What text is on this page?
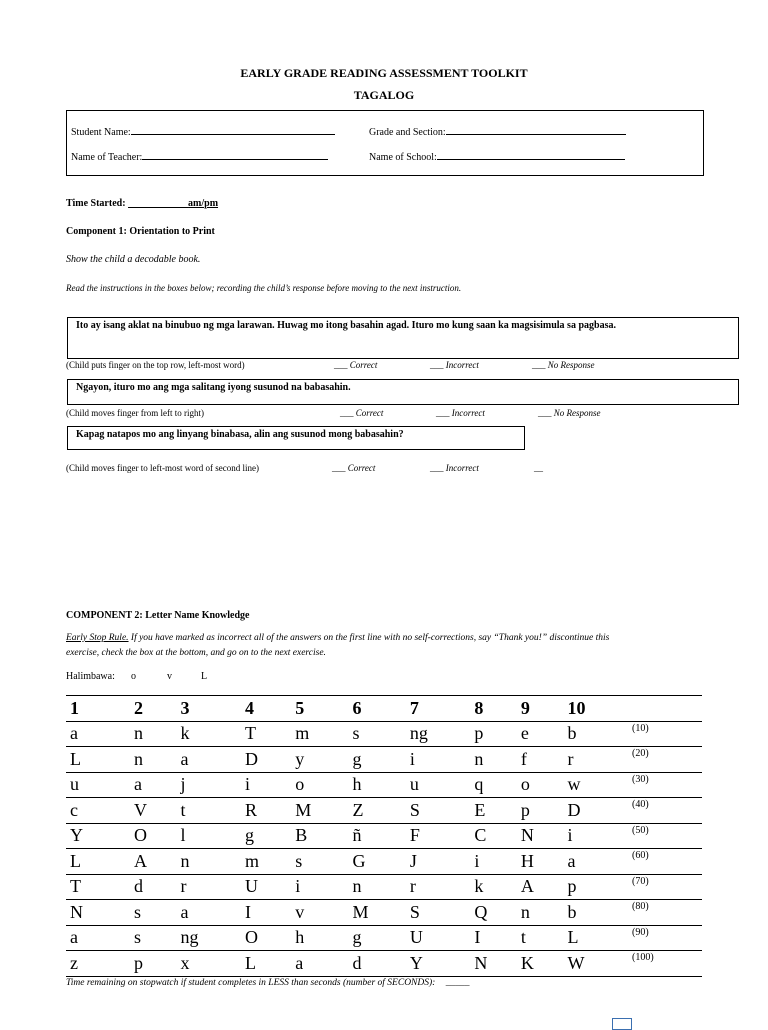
EARLY GRADE READING ASSESSMENT TOOLKIT
TAGALOG
Student Name:	Grade and Section:
Name of Teacher:	Name of School:
Time Started:	am/pm
Component 1: Orientation to Print
Show the child a decodable book.
Read the instructions in the boxes below; recording the child’s response before moving to the next instruction.
Ito ay isang aklat na binubuo ng mga larawan. Huwag mo itong basahin agad. Ituro mo kung saan ka magsisimula sa pagbasa.
(Child puts finger on the top row, left-most word)	___ Correct	___ Incorrect	___ No Response
Ngayon, ituro mo ang mga salitang iyong susunod na babasahin.
(Child moves finger from left to right)	___ Correct	___ Incorrect	___ No Response
Kapag natapos mo ang linyang binabasa, alin ang susunod mong babasahin?
(Child moves finger to left-most word of second line)	___ Correct	___ Incorrect	__
COMPONENT 2: Letter Name Knowledge
Early Stop Rule. If you have marked as incorrect all of the answers on the first line with no self-corrections, say “Thank you!” discontinue this
exercise, check the box at the bottom, and go on to the next exercise.
Halimbawa: o	v	L
1	2	3	4	5	6	7	8	9	10	
a	n	k	T	m	s	ng	p	e	b	(10)
L	n	a	D	y	g	i	n	f	r	(20)
u	a	j	i	o	h	u	q	o	w	(30)
c	V	t	R	M	Z	S	E	p	D	(40)
Y	O	l	g	B	ñ	F	C	N	i	(50)
L	A	n	m	s	G	J	i	H	a	(60)
T	d	r	U	i	n	r	k	A	p	(70)
N	s	a	I	v	M	S	Q	n	b	(80)
a	s	ng	O	h	g	U	I	t	L	(90)
z	p	x	L	a	d	Y	N	K	W	(100)
Time remaining on stopwatch if student completes in LESS than seconds (number of SECONDS): _____
